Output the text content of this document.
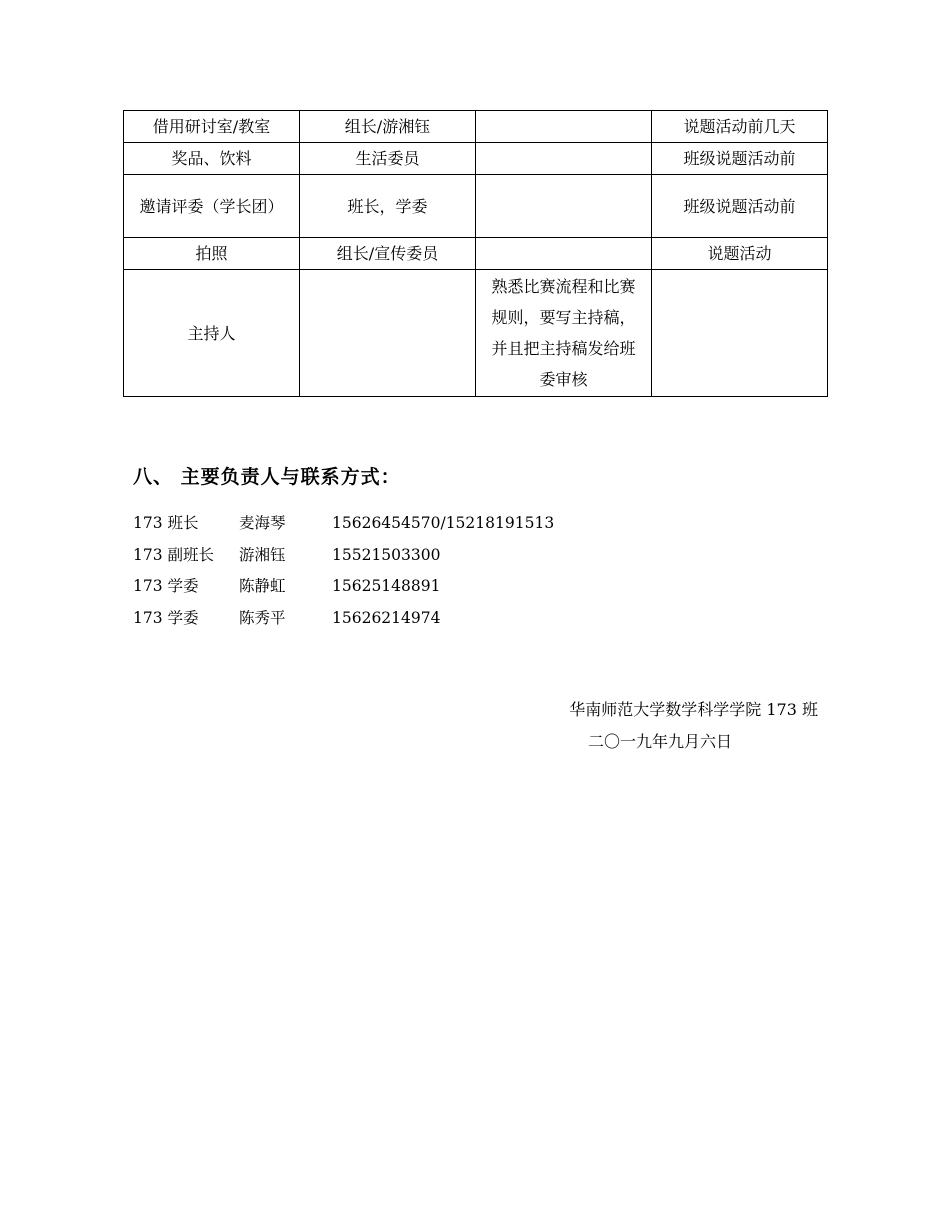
借用研讨室/教室	组长/游湘钰		说题活动前几天
奖品、饮料	生活委员		班级说题活动前
邀请评委（学长团）	班长，学委		班级说题活动前
拍照	组长/宣传委员		说题活动
主持人		熟悉比赛流程和比赛规则，要写主持稿，并且把主持稿发给班委审核	
八、 主要负责人与联系方式：
173 班长	麦海琴	15626454570/15218191513
173 副班长 游湘钰	15521503300
173 学委	陈静虹	15625148891
173 学委	陈秀平	15626214974
华南师范大学数学科学学院 173 班
二〇一九年九月六日
